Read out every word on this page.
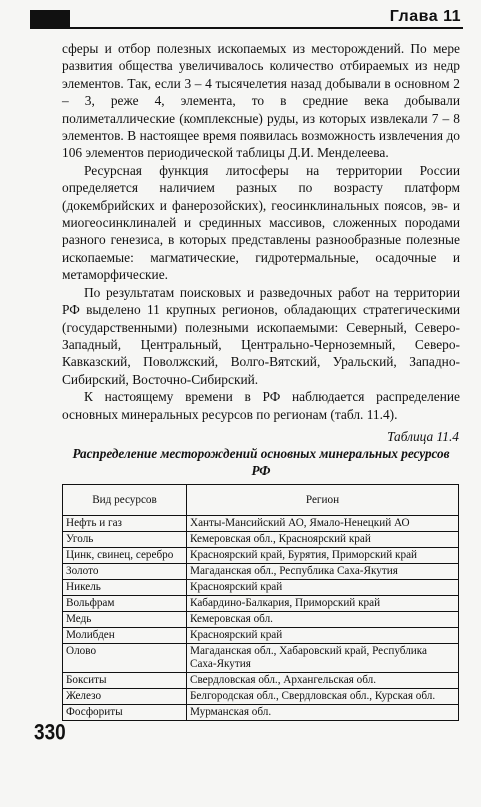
Глава 11

сферы и отбор полезных ископаемых из месторождений. По мере развития общества увеличивалось количество отбираемых из недр элементов. Так, если 3 – 4 тысячелетия назад добывали в основном 2 – 3, реже 4, элемента, то в средние века добывали полиметаллические (комплексные) руды, из которых извлекали 7 – 8 элементов. В настоящее время появилась возможность извлечения до 106 элементов периодической таблицы Д.И. Менделеева.

Ресурсная функция литосферы на территории России определяется наличием разных по возрасту платформ (докембрийских и фанерозойских), геосинклинальных поясов, эв- и миогеосинклиналей и срединных массивов, сложенных породами разного генезиса, в которых представлены разнообразные полезные ископаемые: магматические, гидротермальные, осадочные и метаморфические.

По результатам поисковых и разведочных работ на территории РФ выделено 11 крупных регионов, обладающих стратегическими (государственными) полезными ископаемыми: Северный, Северо-Западный, Центральный, Центрально-Черноземный, Северо-Кавказский, Поволжский, Волго-Вятский, Уральский, Западно-Сибирский, Восточно-Сибирский.

К настоящему времени в РФ наблюдается распределение основных минеральных ресурсов по регионам (табл. 11.4).

Таблица 11.4
Распределение месторождений основных минеральных ресурсов РФ
Вид ресурсов	Регион
Нефть и газ	Ханты-Мансийский АО, Ямало-Ненецкий АО
Уголь	Кемеровская обл., Красноярский край
Цинк, свинец, серебро	Красноярский край, Бурятия, Приморский край
Золото	Магаданская обл., Республика Саха-Якутия
Никель	Красноярский край
Вольфрам	Кабардино-Балкария, Приморский край
Медь	Кемеровская обл.
Молибден	Красноярский край
Олово	Магаданская обл., Хабаровский край, Республика Саха-Якутия
Бокситы	Свердловская обл., Архангельская обл.
Железо	Белгородская обл., Свердловская обл., Курская обл.
Фосфориты	Мурманская обл.
330
